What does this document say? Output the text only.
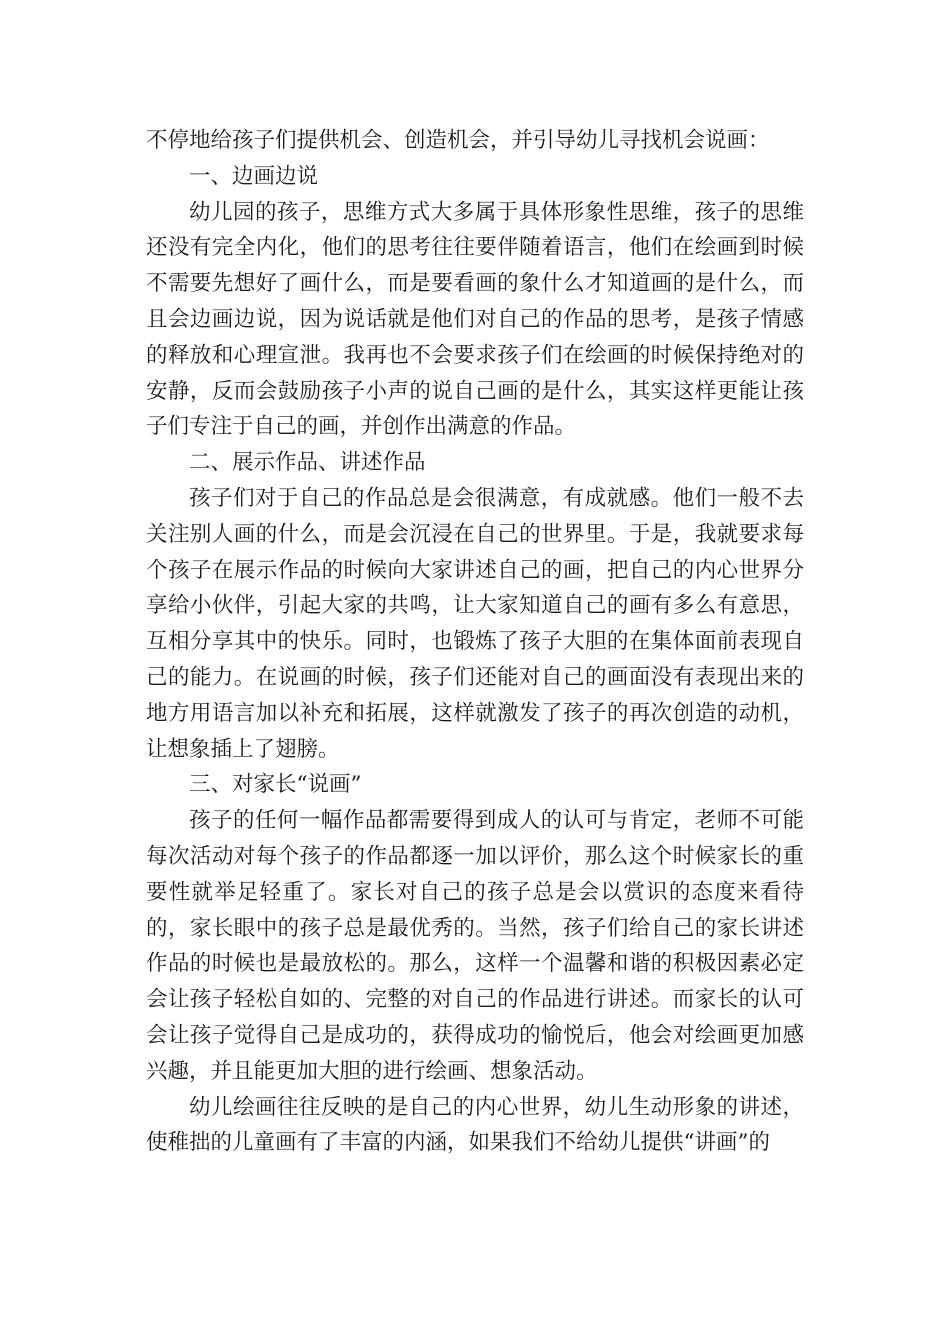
不停地给孩子们提供机会、创造机会，并引导幼儿寻找机会说画：

一、边画边说

幼儿园的孩子，思维方式大多属于具体形象性思维，孩子的思维还没有完全内化，他们的思考往往要伴随着语言，他们在绘画到时候不需要先想好了画什么，而是要看画的象什么才知道画的是什么，而且会边画边说，因为说话就是他们对自己的作品的思考，是孩子情感的释放和心理宣泄。我再也不会要求孩子们在绘画的时候保持绝对的安静，反而会鼓励孩子小声的说自己画的是什么，其实这样更能让孩子们专注于自己的画，并创作出满意的作品。

二、展示作品、讲述作品

孩子们对于自己的作品总是会很满意，有成就感。他们一般不去关注别人画的什么，而是会沉浸在自己的世界里。于是，我就要求每个孩子在展示作品的时候向大家讲述自己的画，把自己的内心世界分享给小伙伴，引起大家的共鸣，让大家知道自己的画有多么有意思，互相分享其中的快乐。同时，也锻炼了孩子大胆的在集体面前表现自己的能力。在说画的时候，孩子们还能对自己的画面没有表现出来的地方用语言加以补充和拓展，这样就激发了孩子的再次创造的动机，让想象插上了翅膀。

三、对家长“说画”

孩子的任何一幅作品都需要得到成人的认可与肯定，老师不可能每次活动对每个孩子的作品都逐一加以评价，那么这个时候家长的重要性就举足轻重了。家长对自己的孩子总是会以赏识的态度来看待的，家长眼中的孩子总是最优秀的。当然，孩子们给自己的家长讲述作品的时候也是最放松的。那么，这样一个温馨和谐的积极因素必定会让孩子轻松自如的、完整的对自己的作品进行讲述。而家长的认可会让孩子觉得自己是成功的，获得成功的愉悦后，他会对绘画更加感兴趣，并且能更加大胆的进行绘画、想象活动。

幼儿绘画往往反映的是自己的内心世界，幼儿生动形象的讲述，使稚拙的儿童画有了丰富的内涵，如果我们不给幼儿提供“讲画”的
